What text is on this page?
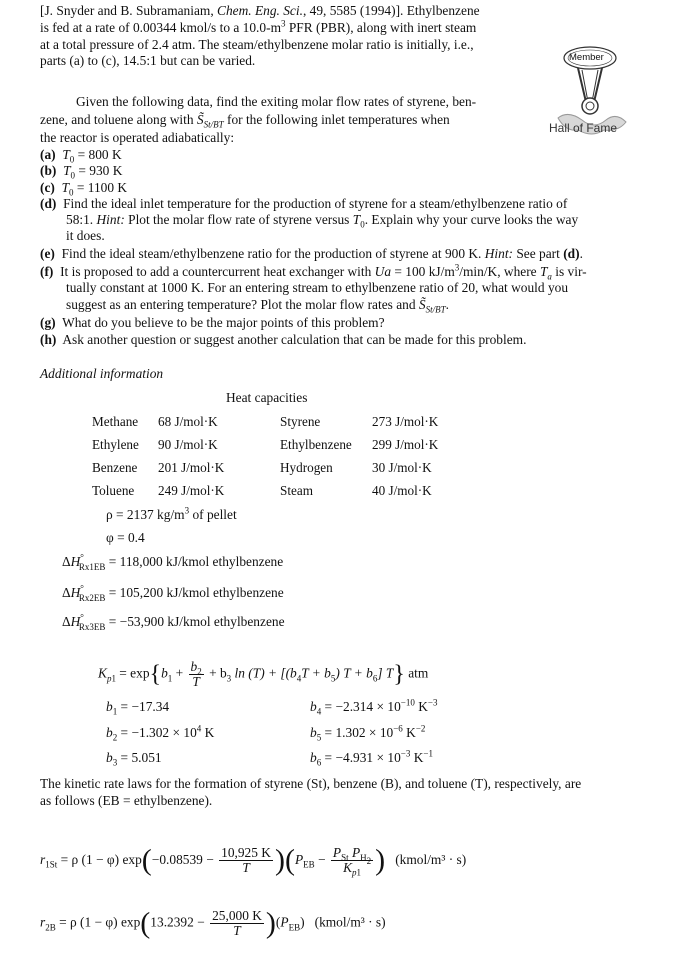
Member
Hall of Fame
[J. Snyder and B. Subramaniam, Chem. Eng. Sci., 49, 5585 (1994)]. Ethylbenzene
is fed at a rate of 0.00344 kmol/s to a $10.0-m^3$ PFR (PBR), along with inert steam
at a total pressure of 2.4 atm. The steam/ethylbenzene molar ratio is initially, i.e.,
parts (a) to (c), 14.5:1 but can be varied.
Given the following data, find the exiting molar flow rates of styrene, ben-
zene, and toluene along with $S̃_{St/BT}$ for the following inlet temperatures when
the reactor is operated adiabatically:
(a) $T_0 = 800$ K
(b) $T_0 = 930$ K
(c) $T_0 = 1100$ K
(d) Find the ideal inlet temperature for the production of styrene for a steam/ethylbenzene ratio of
58:1. Hint: Plot the molar flow rate of styrene versus $T_0$. Explain why your curve looks the way
it does.
(e) Find the ideal steam/ethylbenzene ratio for the production of styrene at 900 K. Hint: See part (d).
(f) It is proposed to add a countercurrent heat exchanger with Ua = 100 $kJ/m^3/\min/K$, where $T_a$ is vir-
tually constant at 1000 K. For an entering stream to ethylbenzene ratio of 20, what would you
suggest as an entering temperature? Plot the molar flow rates and $S̃_{St/BT}$.
(g) What do you believe to be the major points of this problem?
(h) Ask another question or suggest another calculation that can be made for this problem.
Additional information
Heat capacities
Methane	68 J/mol·K	Styrene	273 J/mol·K
Ethylene	90 J/mol·K	Ethylbenzene	299 J/mol·K
Benzene	201 J/mol·K	Hydrogen	30 J/mol·K
Toluene	249 J/mol·K	Steam	40 J/mol·K
ρ = 2137 $kg/m^3$ of pellet
φ = 0.4
$\Delta H^\circ_{Rx1EB} = 118,000$ kJ/kmol ethylbenzene
$\Delta H^\circ_{Rx2EB} = 105,200$ kJ/kmol ethylbenzene
$\Delta H^\circ_{Rx3EB} = -53,900$ kJ/kmol ethylbenzene
$K_{p1} = \exp\{b_1 + \frac{b_2}{T} + b_3$ $\ln (T) + [(b_4T + b_5) T + b_6]$ T} atm
$b_1 = -17.34$
$b_2 = -1.302 \times 10^4$ K
$b_3 = 5.051$
$b_4 = -2.314 \times 10^{-10}$ $K^{-3}$
$b_5 = 1.302 \times 10^{-6}$ $K^{-2}$
$b_6 = -4.931 \times 10^{-3}$ $K^{-1}$
The kinetic rate laws for the formation of styrene (St), benzene (B), and toluene (T), respectively, are
as follows (EB = ethylbenzene).
$r_{1St} = \rho$ (1 − φ) $\exp(-0.08539 - \frac{10,925 K}{T} )(P_{EB} - \frac{P_{St} P_{H_2}}{K_{p1}}$ ) (kmol/m³ · s)
$r_{2B} = \rho$ (1 − φ) $\exp(13.2392 - \frac{25,000 K}{T} )(P_{EB})$   (kmol/m³ · s)
